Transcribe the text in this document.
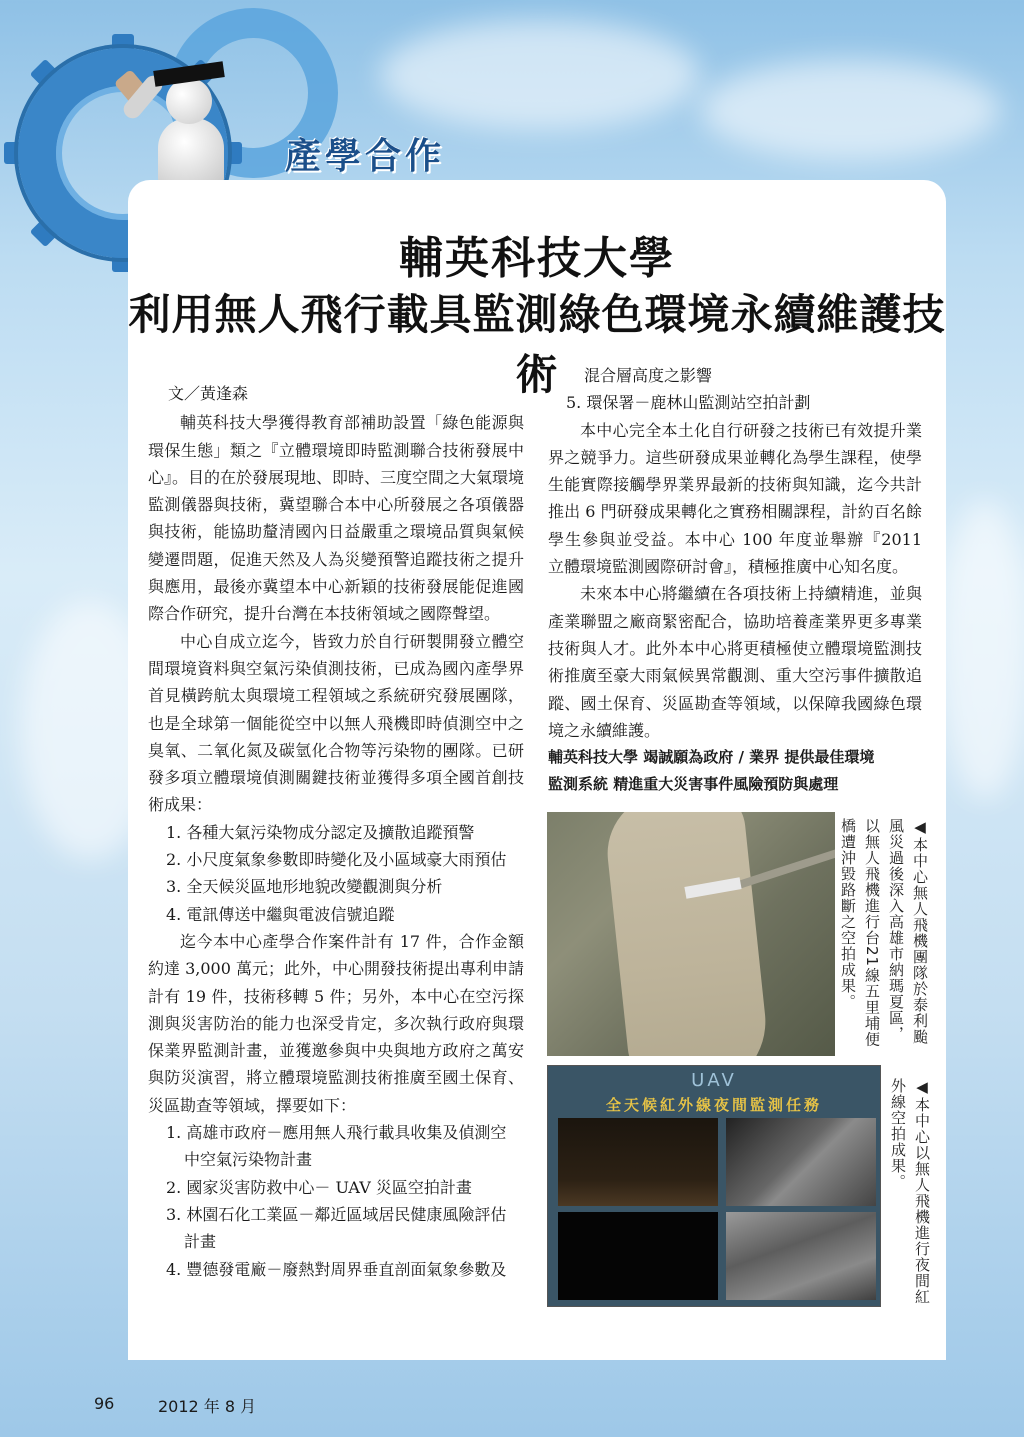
產學合作
輔英科技大學
利用無人飛行載具監測綠色環境永續維護技術
文／黃逢森

輔英科技大學獲得教育部補助設置「綠色能源與環保生態」類之『立體環境即時監測聯合技術發展中心』。目的在於發展現地、即時、三度空間之大氣環境監測儀器與技術，冀望聯合本中心所發展之各項儀器與技術，能協助釐清國內日益嚴重之環境品質與氣候變遷問題，促進天然及人為災變預警追蹤技術之提升與應用，最後亦冀望本中心新穎的技術發展能促進國際合作研究，提升台灣在本技術領域之國際聲望。

中心自成立迄今，皆致力於自行研製開發立體空間環境資料與空氣污染偵測技術，已成為國內產學界首見橫跨航太與環境工程領域之系統研究發展團隊，也是全球第一個能從空中以無人飛機即時偵測空中之臭氧、二氧化氮及碳氫化合物等污染物的團隊。已研發多項立體環境偵測關鍵技術並獲得多項全國首創技術成果：

1. 各種大氣污染物成分認定及擴散追蹤預警
2. 小尺度氣象參數即時變化及小區域豪大雨預估
3. 全天候災區地形地貌改變觀測與分析
4. 電訊傳送中繼與電波信號追蹤

迄今本中心產學合作案件計有 17 件，合作金額約達 3,000 萬元；此外，中心開發技術提出專利申請計有 19 件，技術移轉 5 件；另外，本中心在空污探測與災害防治的能力也深受肯定，多次執行政府與環保業界監測計畫，並獲邀參與中央與地方政府之萬安與防災演習，將立體環境監測技術推廣至國土保育、災區勘查等領域，擇要如下：

1. 高雄市政府－應用無人飛行載具收集及偵測空
中空氣污染物計畫
2. 國家災害防救中心－ UAV 災區空拍計畫
3. 林園石化工業區－鄰近區域居民健康風險評估
計畫
4. 豐德發電廠－廢熱對周界垂直剖面氣象參數及
混合層高度之影響
5. 環保署－鹿林山監測站空拍計劃

本中心完全本土化自行研發之技術已有效提升業界之競爭力。這些研發成果並轉化為學生課程，使學生能實際接觸學界業界最新的技術與知識，迄今共計推出 6 門研發成果轉化之實務相關課程，計約百名餘學生參與並受益。本中心 100 年度並舉辦『2011 立體環境監測國際研討會』，積極推廣中心知名度。

未來本中心將繼續在各項技術上持續精進，並與產業聯盟之廠商緊密配合，協助培養產業界更多專業技術與人才。此外本中心將更積極使立體環境監測技術推廣至豪大雨氣候異常觀測、重大空污事件擴散追蹤、國土保育、災區勘查等領域，以保障我國綠色環境之永續維護。

輔英科技大學 竭誠願為政府 / 業界 提供最佳環境
監測系統 精進重大災害事件風險預防與處理
◀本中心無人飛機團隊於泰利颱風災過後深入高雄市納瑪夏區，以無人飛機進行台21線五里埔便橋遭沖毀路斷之空拍成果。
UAV
全天候紅外線夜間監測任務	◀本中心以無人飛機進行夜間紅外線空拍成果。
96	2012 年 8 月
